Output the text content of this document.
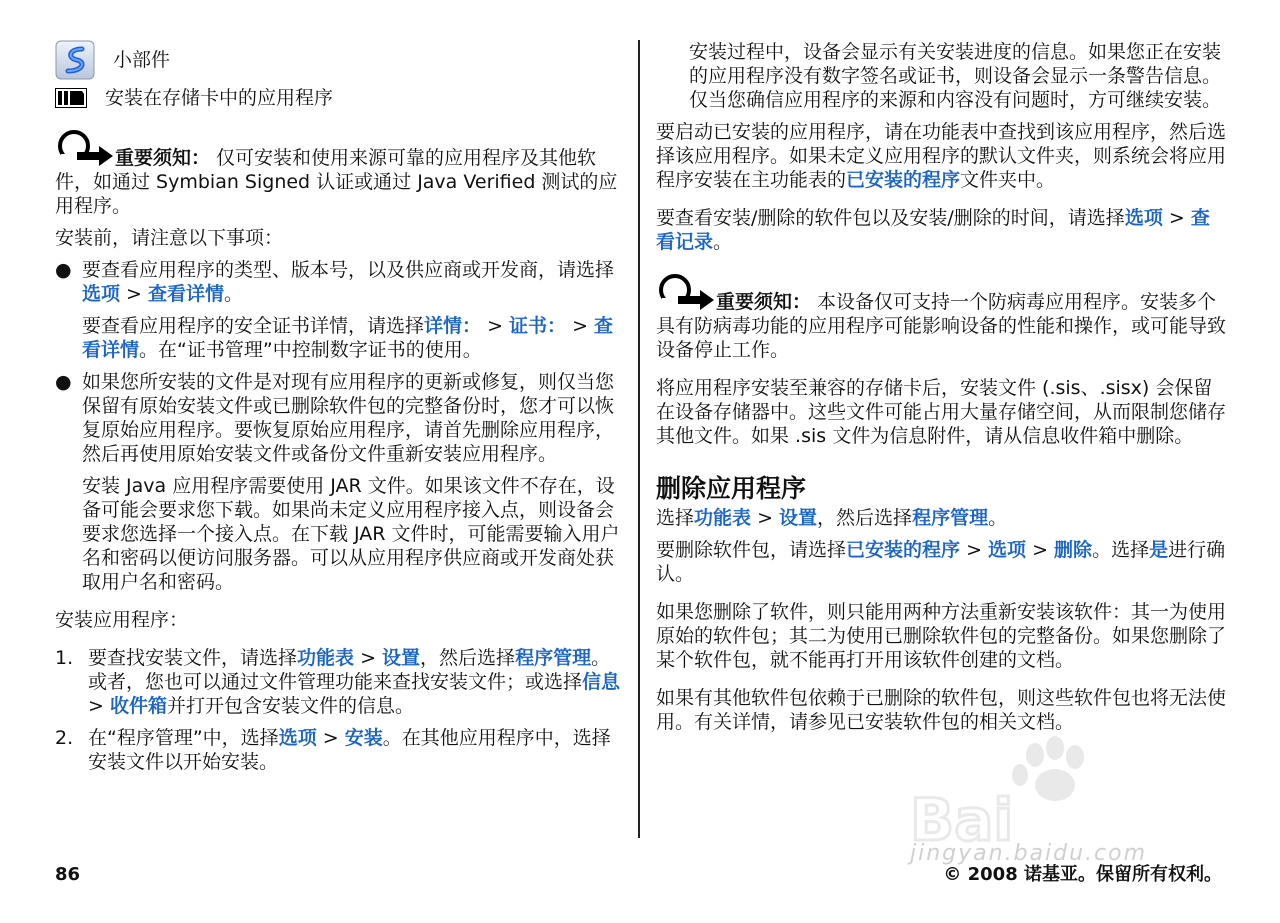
小部件
安装在存储卡中的应用程序

重要须知： 仅可安装和使用来源可靠的应用程序及其他软件，如通过 Symbian Signed 认证或通过 Java Verified 测试的应用程序。

安装前，请注意以下事项：

● 要查看应用程序的类型、版本号，以及供应商或开发商，请选择选项 > 查看详情。

要查看应用程序的安全证书详情，请选择详情： > 证书： > 查看详情。在“证书管理”中控制数字证书的使用。

● 如果您所安装的文件是对现有应用程序的更新或修复，则仅当您保留有原始安装文件或已删除软件包的完整备份时，您才可以恢复原始应用程序。要恢复原始应用程序，请首先删除应用程序，然后再使用原始安装文件或备份文件重新安装应用程序。

安装 Java 应用程序需要使用 JAR 文件。如果该文件不存在，设备可能会要求您下载。如果尚未定义应用程序接入点，则设备会要求您选择一个接入点。在下载 JAR 文件时，可能需要输入用户名和密码以便访问服务器。可以从应用程序供应商或开发商处获取用户名和密码。

安装应用程序：

1. 要查找安装文件，请选择功能表 > 设置，然后选择程序管理。或者，您也可以通过文件管理功能来查找安装文件；或选择信息 > 收件箱并打开包含安装文件的信息。

2. 在“程序管理”中，选择选项 > 安装。在其他应用程序中，选择安装文件以开始安装。

安装过程中，设备会显示有关安装进度的信息。如果您正在安装的应用程序没有数字签名或证书，则设备会显示一条警告信息。仅当您确信应用程序的来源和内容没有问题时，方可继续安装。

要启动已安装的应用程序，请在功能表中查找到该应用程序，然后选择该应用程序。如果未定义应用程序的默认文件夹，则系统会将应用程序安装在主功能表的已安装的程序文件夹中。

要查看安装/删除的软件包以及安装/删除的时间，请选择选项 > 查看记录。

重要须知： 本设备仅可支持一个防病毒应用程序。安装多个具有防病毒功能的应用程序可能影响设备的性能和操作，或可能导致设备停止工作。

将应用程序安装至兼容的存储卡后，安装文件 (.sis、.sisx) 会保留在设备存储器中。这些文件可能占用大量存储空间，从而限制您储存其他文件。如果 .sis 文件为信息附件，请从信息收件箱中删除。

删除应用程序

选择功能表 > 设置，然后选择程序管理。

要删除软件包，请选择已安装的程序 > 选项 > 删除。选择是进行确认。

如果您删除了软件，则只能用两种方法重新安装该软件：其一为使用原始的软件包；其二为使用已删除软件包的完整备份。如果您删除了某个软件包，就不能再打开用该软件创建的文档。

如果有其他软件包依赖于已删除的软件包，则这些软件包也将无法使用。有关详情，请参见已安装软件包的相关文档。

Bai
jingyan.baidu.com
86	© 2008 诺基亚。保留所有权利。
